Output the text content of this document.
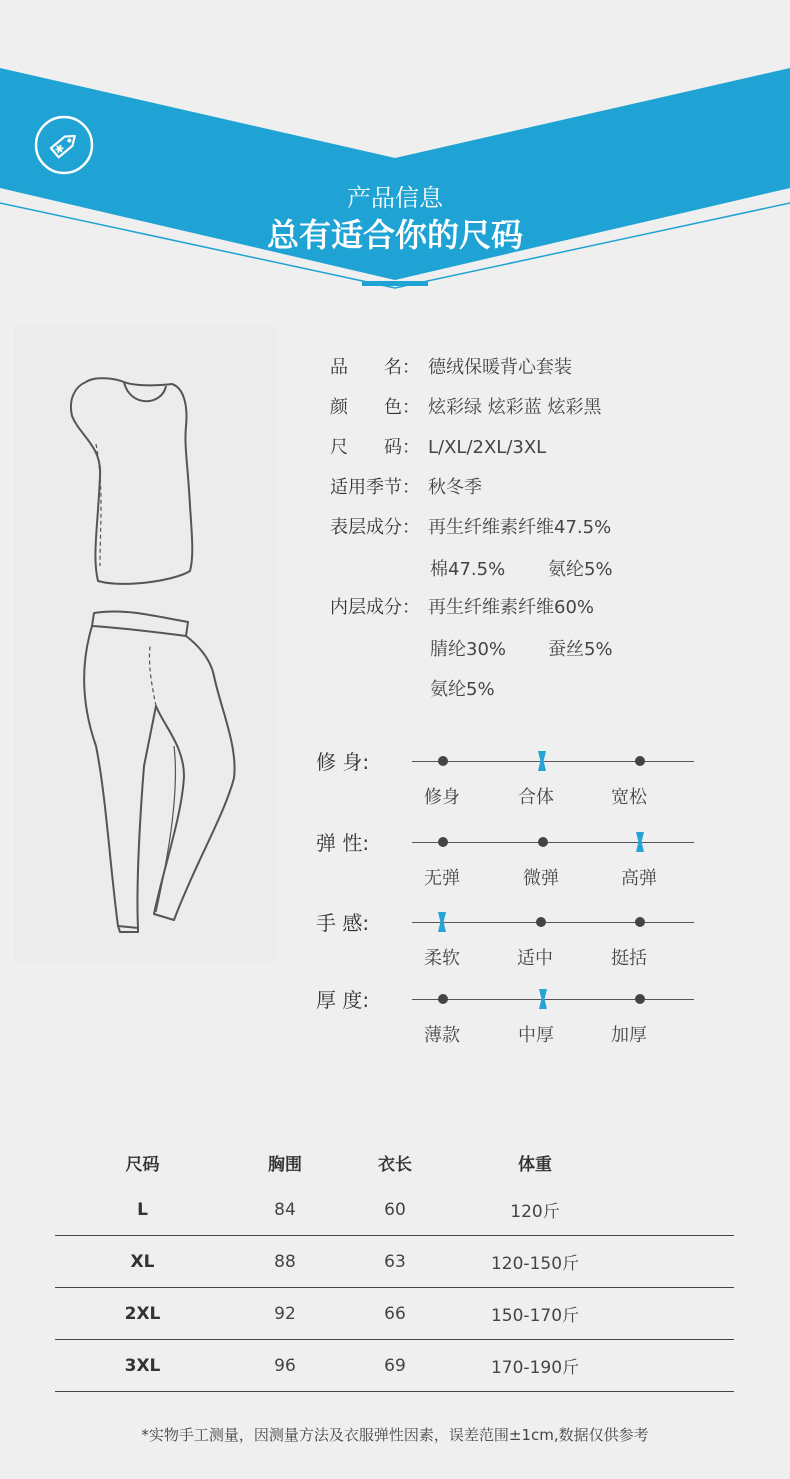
产品信息
总有适合你的尺码
品　　名： 德绒保暖背心套装
颜　　色： 炫彩绿 炫彩蓝 炫彩黑
尺　　码： L/XL/2XL/3XL
适用季节： 秋冬季
表层成分： 再生纤维素纤维47.5%
棉47.5% 氨纶5%
内层成分： 再生纤维素纤维60%
腈纶30% 蚕丝5%
氨纶5%
修 身:
修身	合体	宽松
弹 性:
无弹	微弹	高弹
手 感:
柔软	适中	挺括
厚 度:
薄款	中厚	加厚
尺码	胸围	衣长	体重	
L	84	60	120斤	
XL	88	63	120-150斤	
2XL	92	66	150-170斤	
3XL	96	69	170-190斤	
*实物手工测量，因测量方法及衣服弹性因素，误差范围±1cm,数据仅供参考
